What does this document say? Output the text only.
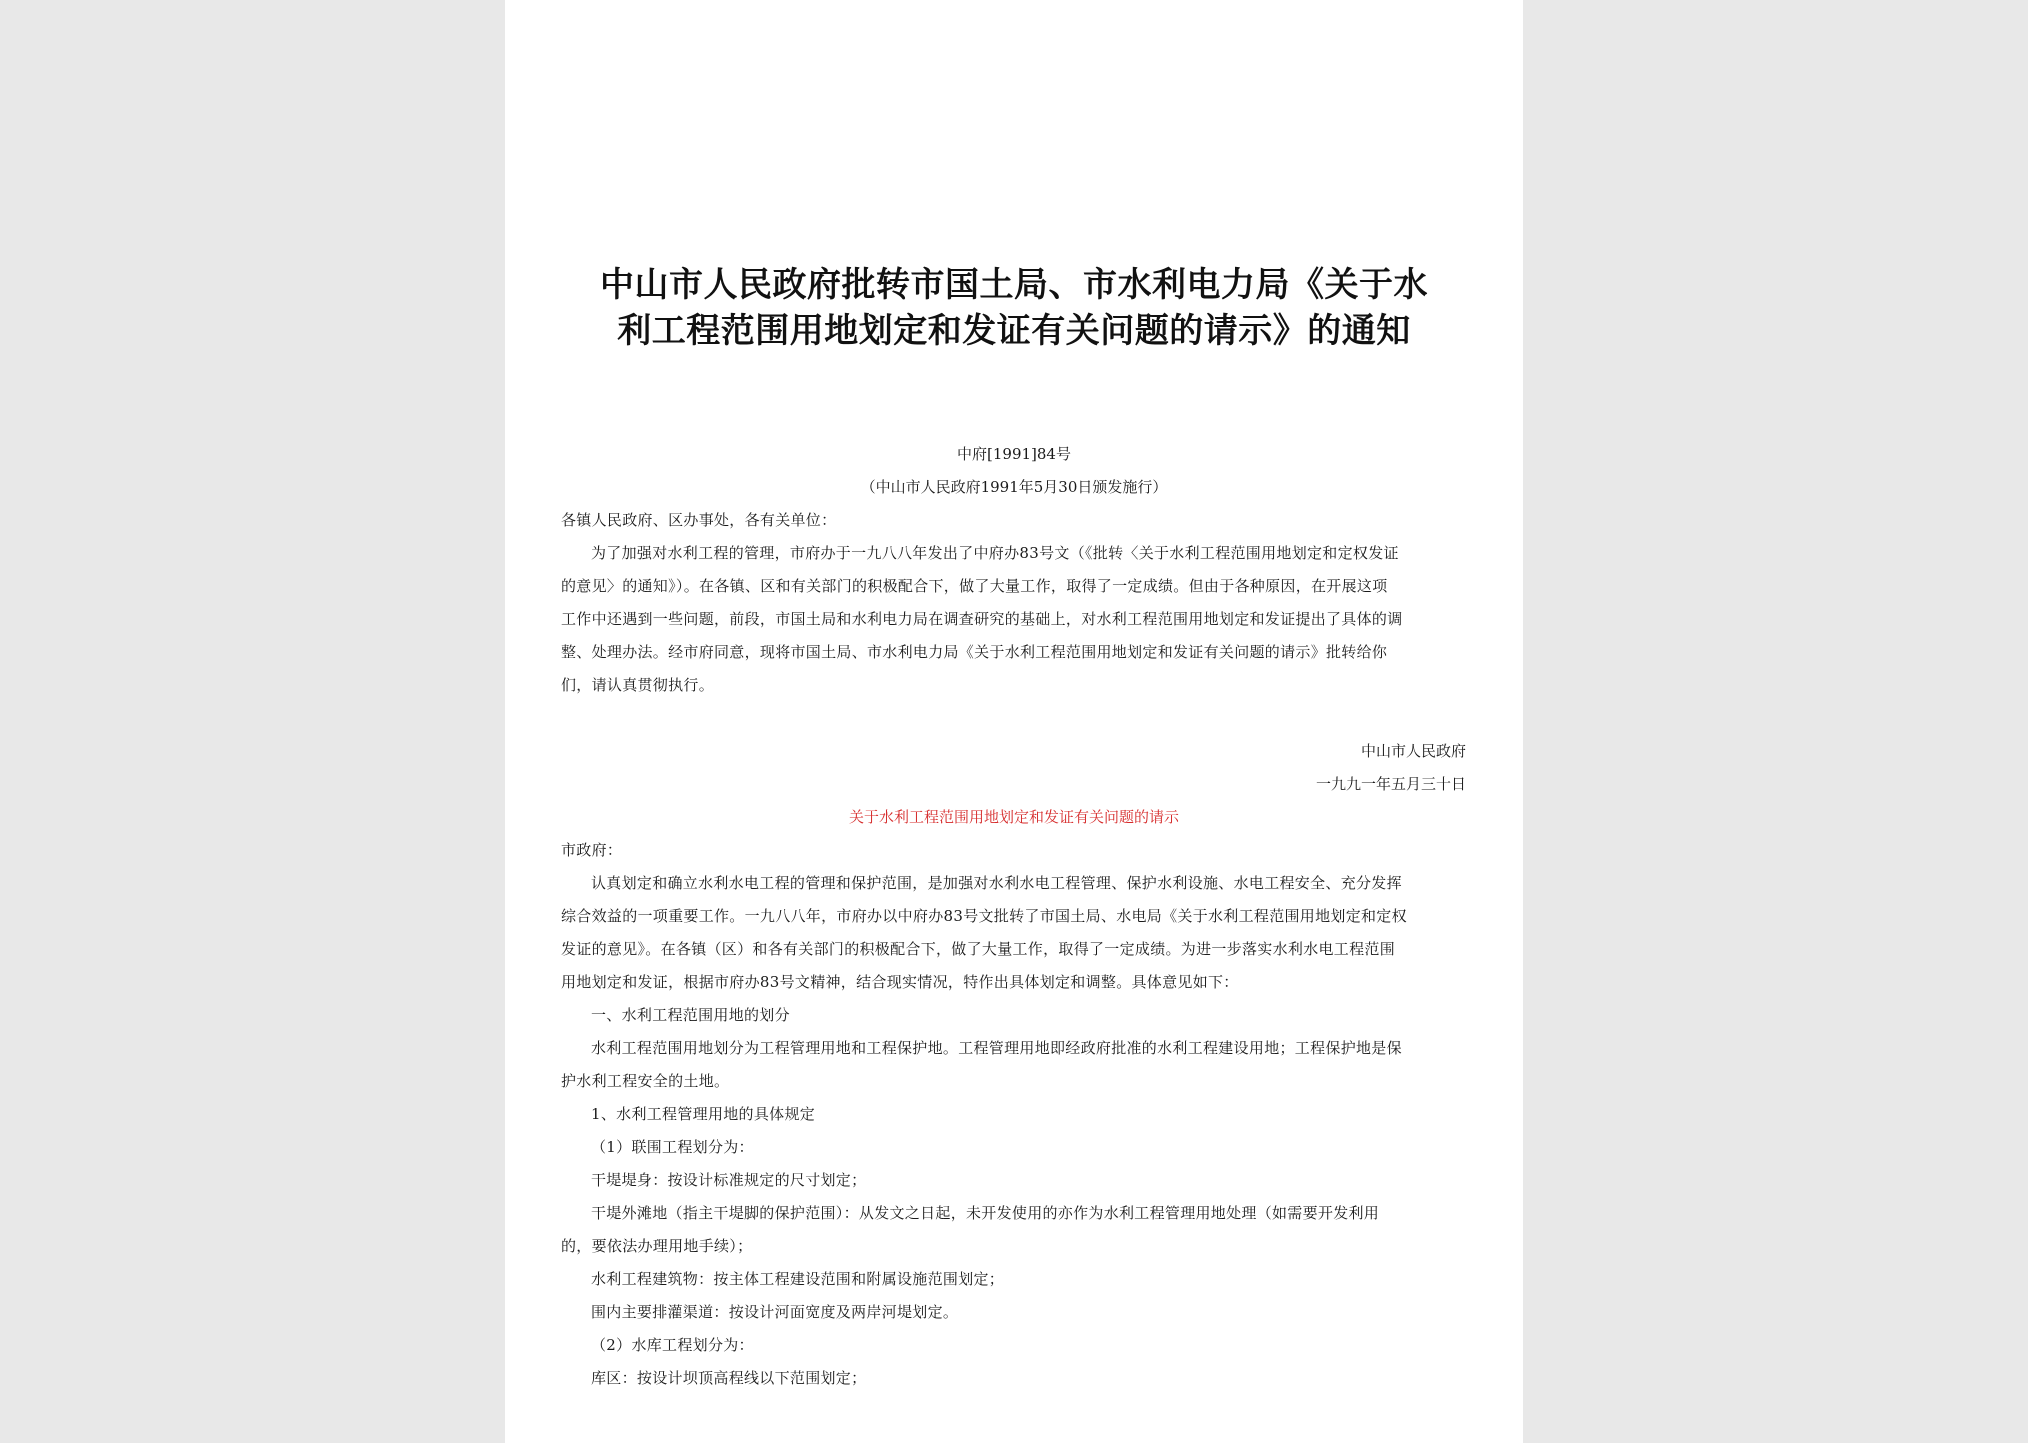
中山市人民政府批转市国土局、市水利电力局《关于水
利工程范围用地划定和发证有关问题的请示》的通知
中府[1991]84号
（中山市人民政府1991年5月30日颁发施行）
各镇人民政府、区办事处，各有关单位：
为了加强对水利工程的管理，市府办于一九八八年发出了中府办83号文（《批转〈关于水利工程范围用地划定和定权发证
的意见〉的通知》）。在各镇、区和有关部门的积极配合下，做了大量工作，取得了一定成绩。但由于各种原因，在开展这项
工作中还遇到一些问题，前段，市国土局和水利电力局在调查研究的基础上，对水利工程范围用地划定和发证提出了具体的调
整、处理办法。经市府同意，现将市国土局、市水利电力局《关于水利工程范围用地划定和发证有关问题的请示》批转给你
们，请认真贯彻执行。
中山市人民政府
一九九一年五月三十日
关于水利工程范围用地划定和发证有关问题的请示
市政府：
认真划定和确立水利水电工程的管理和保护范围，是加强对水利水电工程管理、保护水利设施、水电工程安全、充分发挥
综合效益的一项重要工作。一九八八年，市府办以中府办83号文批转了市国土局、水电局《关于水利工程范围用地划定和定权
发证的意见》。在各镇（区）和各有关部门的积极配合下，做了大量工作，取得了一定成绩。为进一步落实水利水电工程范围
用地划定和发证，根据市府办83号文精神，结合现实情况，特作出具体划定和调整。具体意见如下：
一、水利工程范围用地的划分
水利工程范围用地划分为工程管理用地和工程保护地。工程管理用地即经政府批准的水利工程建设用地；工程保护地是保
护水利工程安全的土地。
1、水利工程管理用地的具体规定
（1）联围工程划分为：
干堤堤身：按设计标准规定的尺寸划定；
干堤外滩地（指主干堤脚的保护范围）：从发文之日起，未开发使用的亦作为水利工程管理用地处理（如需要开发利用
的，要依法办理用地手续）；
水利工程建筑物：按主体工程建设范围和附属设施范围划定；
围内主要排灌渠道：按设计河面宽度及两岸河堤划定。
（2）水库工程划分为：
库区：按设计坝顶高程线以下范围划定；
